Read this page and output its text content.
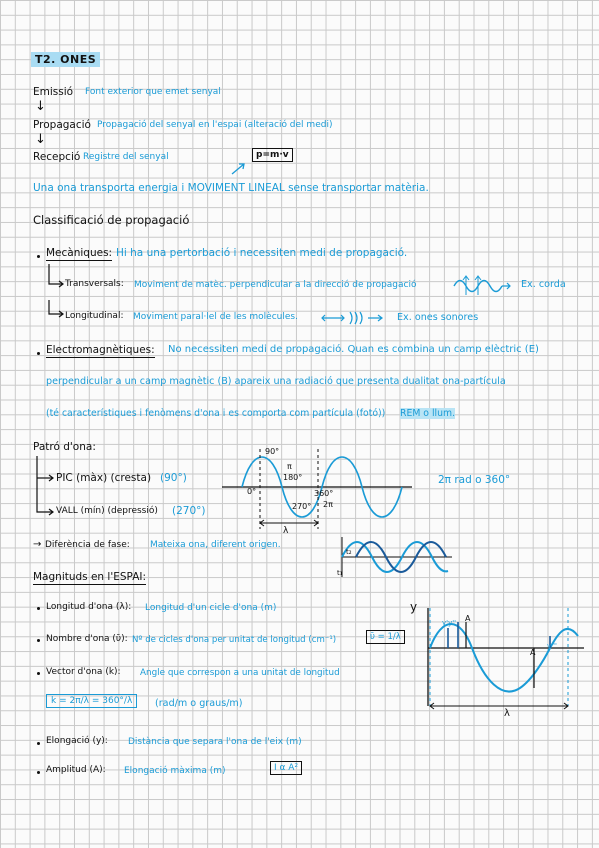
T2. ONES
Emissió Font exterior que emet senyal
↓
Propagació Propagació del senyal en l'espai (alteració del medi)
↓
Recepció Registre del senyal	p=m·v
Una ona transporta energia i MOVIMENT LINEAL sense transportar matèria.
Classificació de propagació
Mecàniques: Hi ha una pertorbació i necessiten medi de propagació.
Transversals: Moviment de matèc. perpendicular a la direcció de propagació	Ex. corda
Longitudinal: Moviment paral·lel de les molècules.	Ex. ones sonores
Electromagnètiques: No necessiten medi de propagació. Quan es combina un camp elèctric (E)
perpendicular a un camp magnètic (B) apareix una radiació que presenta dualitat ona-partícula
(té característiques i fenòmens d'ona i es comporta com partícula (fotó)) REM o llum.
Patró d'ona:
PIC (màx) (cresta) (90°)
VALL (mín) (depressió) (270°)
90°
π
180°
0°	360°
270° 2π
λ
2π rad o 360°
→ Diferència de fase: Mateixa ona, diferent origen.
t₂
t₁
Magnituds en l'ESPAI:
Longitud d'ona (λ): Longitud d'un cicle d'ona (m)
Nombre d'ona (ῡ): Nº de cicles d'ona per unitat de longitud (cm⁻¹)	ῡ = 1/λ
Vector d'ona (k): Angle que correspon a una unitat de longitud
k = 2π/λ = 360°/λ	(rad/m o graus/m)
Elongació (y): Distància que separa l'ona de l'eix (m)
Amplitud (A): Elongació màxima (m)	I α A²
y
y'y'' A
A
y'''
λ
